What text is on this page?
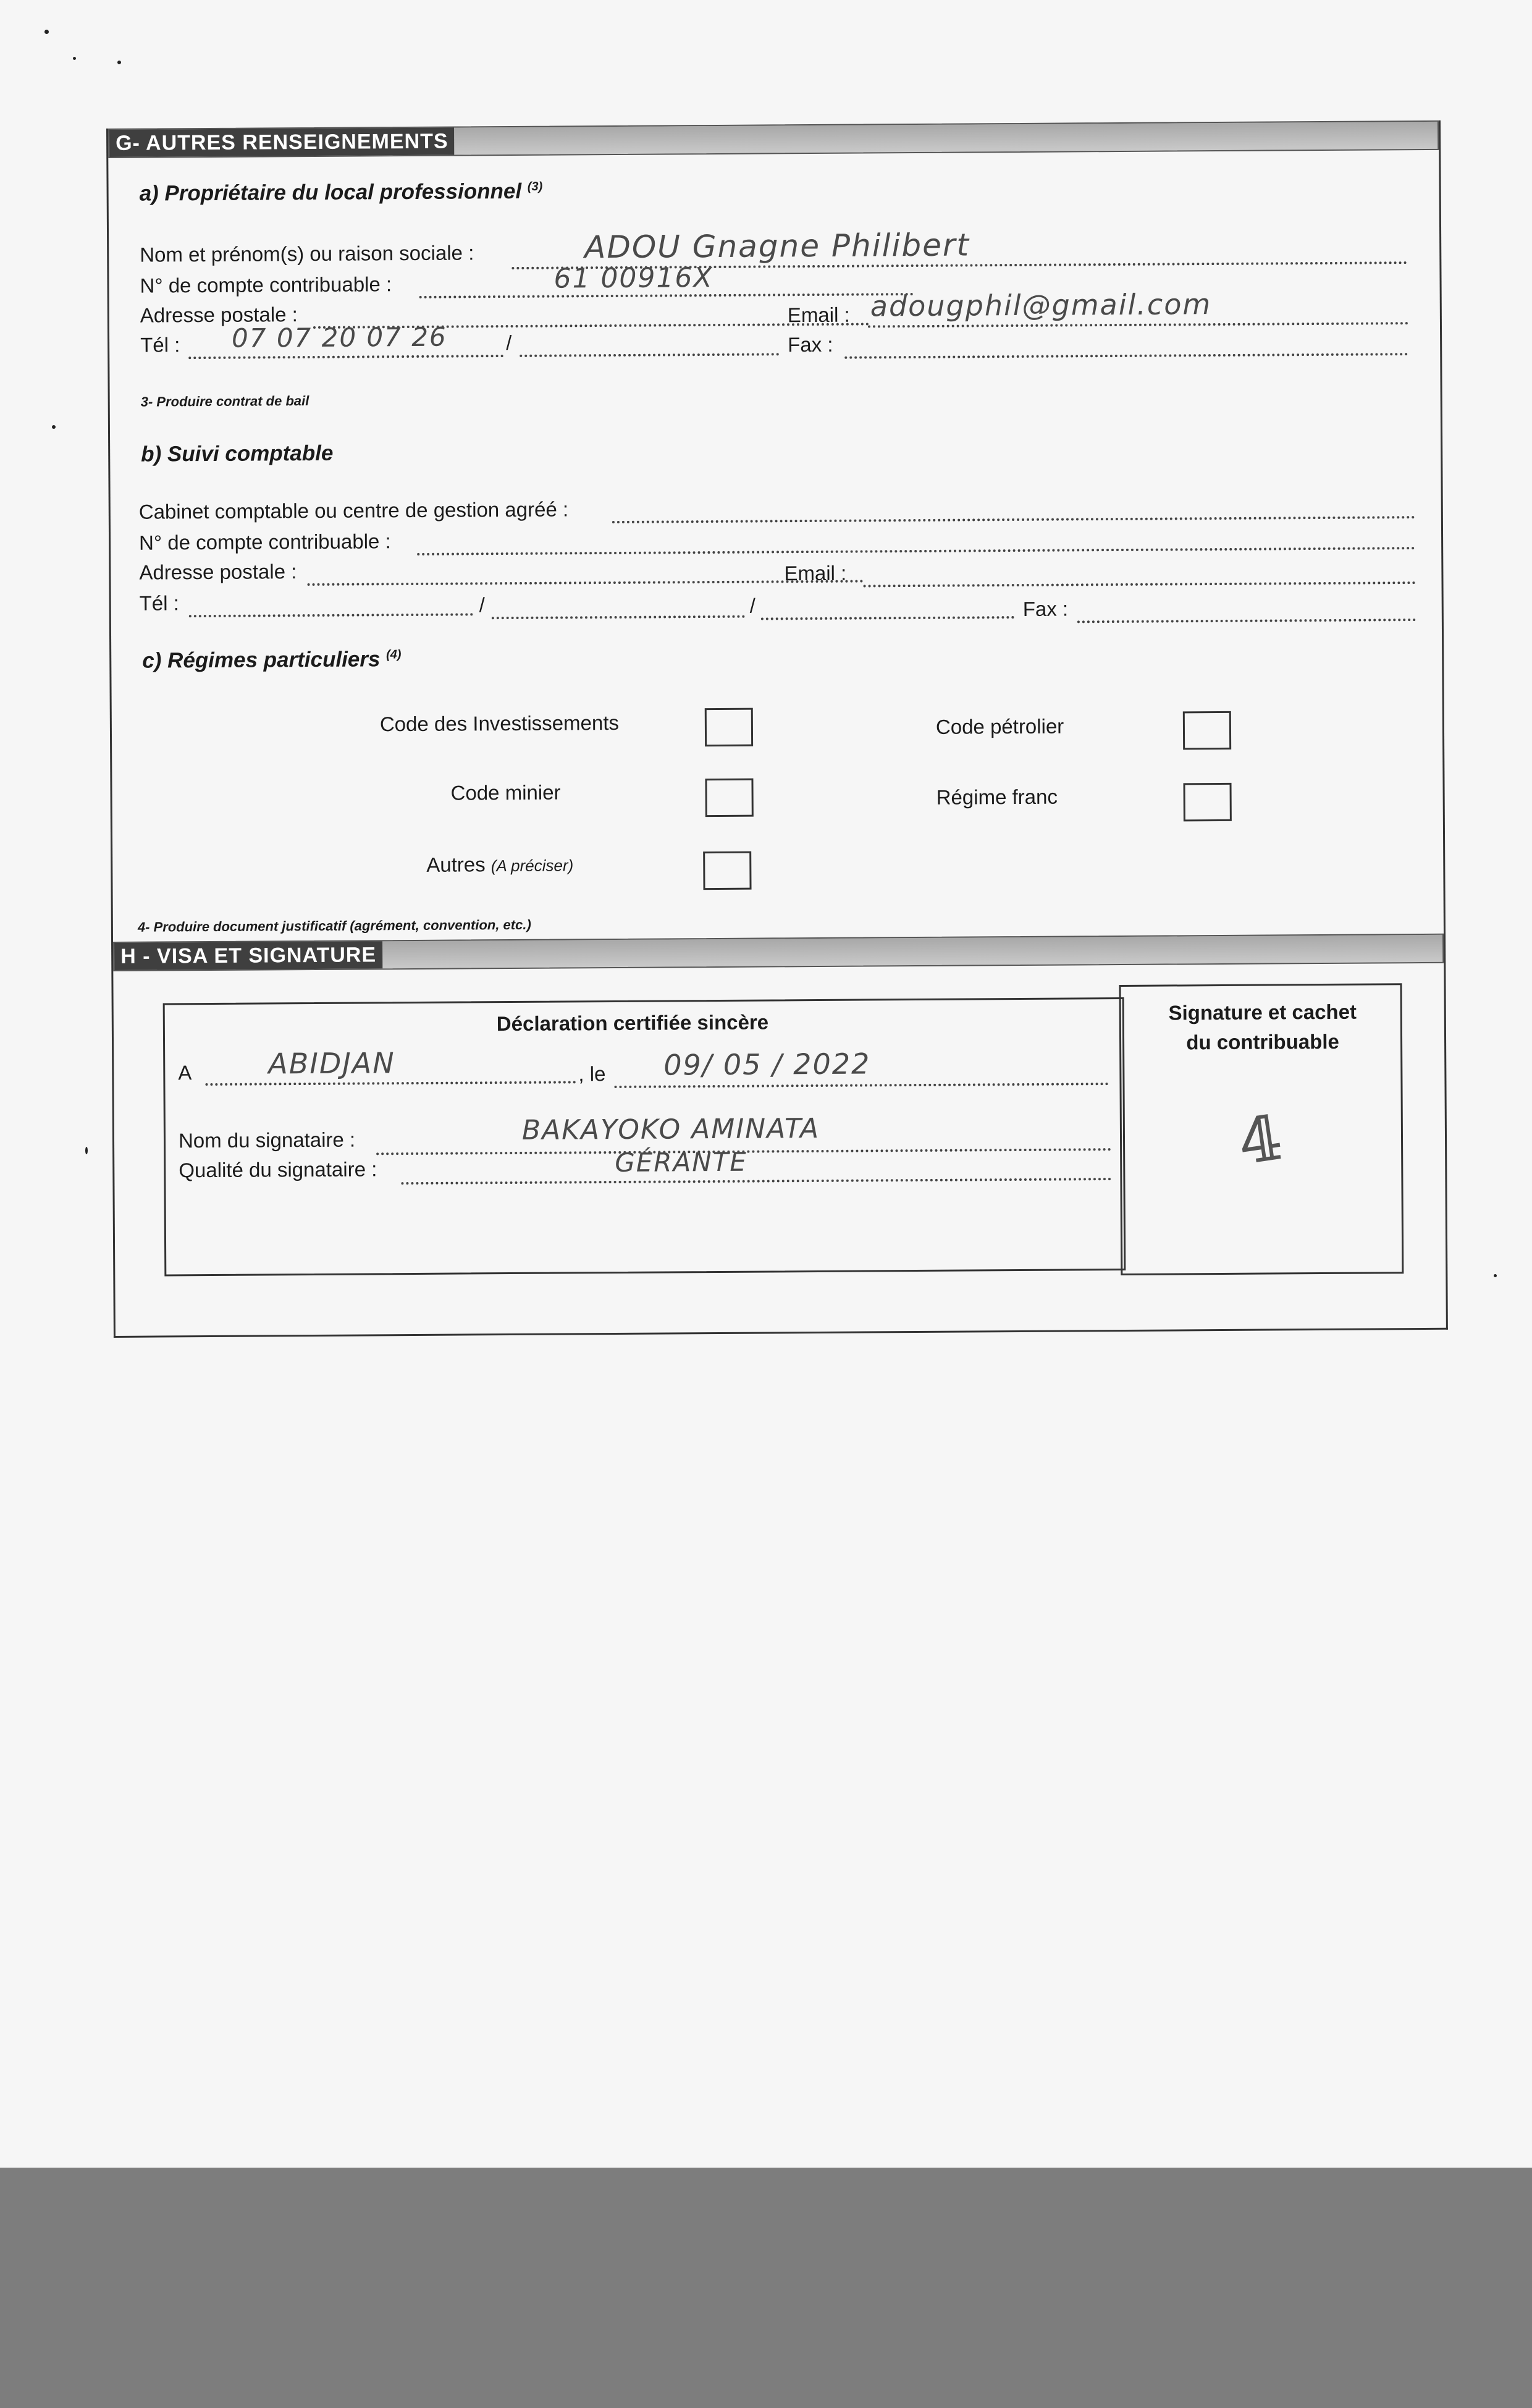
G- AUTRES RENSEIGNEMENTS
a) Propriétaire du local professionnel $^{(3)}$
Nom et prénom(s) ou raison sociale :	ADOU Gnagne Philibert
N° de compte contribuable :	61 00916X
Adresse postale :	Email : adougphil@gmail.com
Tél : 07 07 20 07 26	/	Fax :
3- Produire contrat de bail
b) Suivi comptable
Cabinet comptable ou centre de gestion agréé :
N° de compte contribuable :
Adresse postale :	Email :
Tél :	/	/	Fax :
c) Régimes particuliers $^{(4)}$
Code des Investissements	Code pétrolier
Code minier	Régime franc
Autres (A préciser)
4- Produire document justificatif (agrément, convention, etc.)
H - VISA ET SIGNATURE
Déclaration certifiée sincère
A	ABIDJAN	, le 09/ 05 / 2022
Nom du signataire :	BAKAYOKO AMINATA
Qualité du signataire :	GÉRANTE
Signature et cachet
du contribuable
𝟜
